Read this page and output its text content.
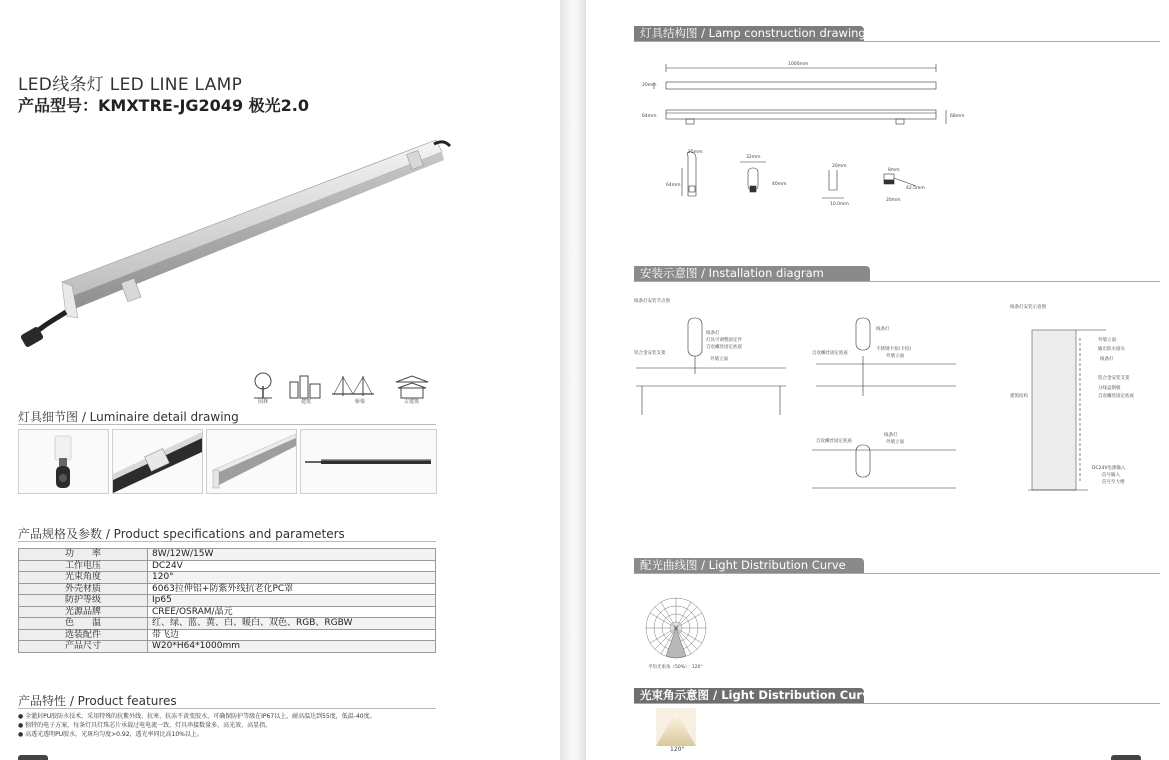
LED线条灯 LED LINE LAMP
产品型号：KMXTRE-JG2049 极光2.0
园林	建筑	桥梁	古建筑
灯具细节图 / Luminaire detail drawing
产品规格及参数 / Product specifications and parameters
功　　率	8W/12W/15W
工作电压	DC24V
光束角度	120°
外壳材质	6063拉伸铝+防紫外线抗老化PC罩
防护等级	Ip65
光源品牌	CREE/OSRAM/晶元
色　　温	红、绿、蓝、黄、白、暖白、双色、RGB、RGBW
选装配件	带飞边
产品尺寸	W20*H64*1000mm
产品特性 / Product features
● 全灌封PU胶防水技术，采用特殊的抗紫外线、抗寒、抗冻不黄变胶水，可确保防护等级在IP67以上，耐高温达到55度，低温-40度。
● 独特的电子方案，每条灯具灯珠芯片承载过电电流一致，灯具串接数量多，高光效、高显指。
● 高透光透明PU胶水，光斑均匀度>0.92，透光率同比高10%以上。
灯具结构图 / Lamp construction drawing
1000mm
20mm
64mm	68mm
25mm
64mm
32mm
40mm
20mm
10.0mm
8mm
42.5mm
20mm
安装示意图 / Installation diagram
线条灯安装节点图
线条灯安装示意图
线条灯
灯具可调整固定件
自攻螺丝固定底座
铝合金安装支架
外墙立面
线条灯
自攻螺丝固定底座
不锈钢卡扣(卡扣)
外墙立面
线条灯
自攻螺丝固定底座	外墙立面
外墙立面
输出防水接头
线条灯
铝合金安装支架
分线盒钢板
自攻螺丝固定底座
建筑结构
DC24V电源输入
信号输入
信号至大楼
配光曲线图 / Light Distribution Curve
平均光束角（50%）：120°
光束角示意图 / Light Distribution Curve
120°
